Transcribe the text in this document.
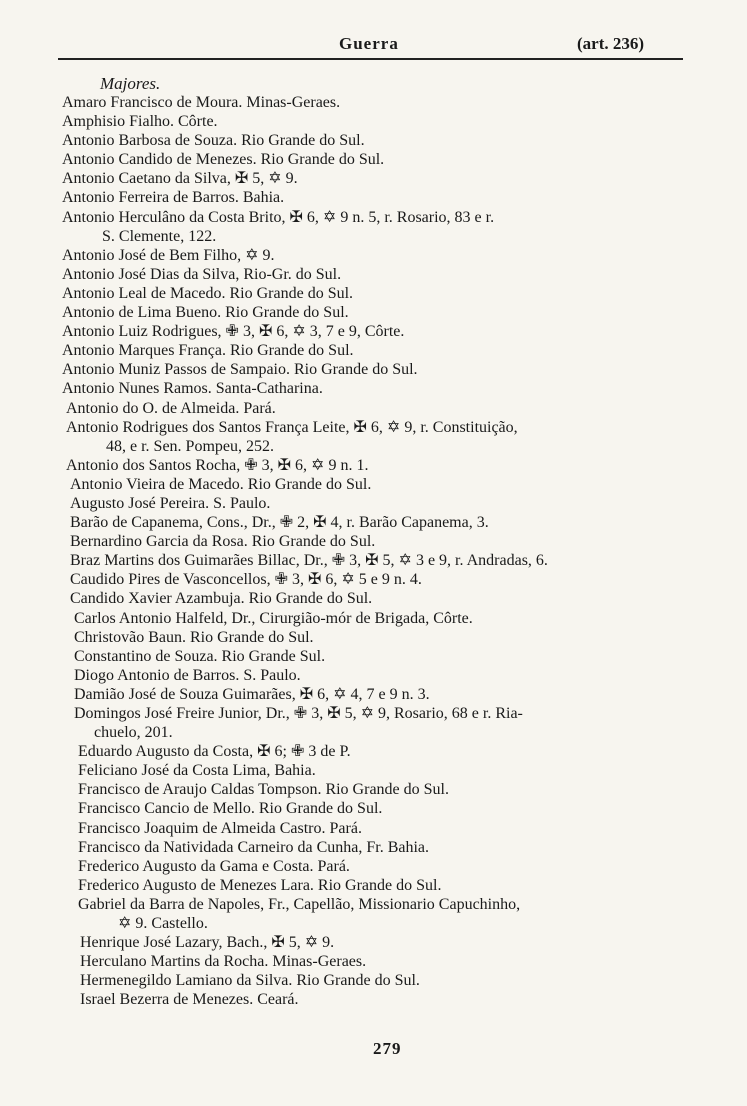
Guerra	(art. 236)
Majores.
Amaro Francisco de Moura. Minas-Geraes.
Amphisio Fialho. Côrte.
Antonio Barbosa de Souza. Rio Grande do Sul.
Antonio Candido de Menezes. Rio Grande do Sul.
Antonio Caetano da Silva, ✠ 5, ✡ 9.
Antonio Ferreira de Barros. Bahia.
Antonio Herculâno da Costa Brito, ✠ 6, ✡ 9 n. 5, r. Rosario, 83 e r.
S. Clemente, 122.
Antonio José de Bem Filho, ✡ 9.
Antonio José Dias da Silva, Rio-Gr. do Sul.
Antonio Leal de Macedo. Rio Grande do Sul.
Antonio de Lima Bueno. Rio Grande do Sul.
Antonio Luiz Rodrigues, ✙ 3, ✠ 6, ✡ 3, 7 e 9, Côrte.
Antonio Marques França. Rio Grande do Sul.
Antonio Muniz Passos de Sampaio. Rio Grande do Sul.
Antonio Nunes Ramos. Santa-Catharina.
Antonio do O. de Almeida. Pará.
Antonio Rodrigues dos Santos França Leite, ✠ 6, ✡ 9, r. Constituição,
48, e r. Sen. Pompeu, 252.
Antonio dos Santos Rocha, ✙ 3, ✠ 6, ✡ 9 n. 1.
Antonio Vieira de Macedo. Rio Grande do Sul.
Augusto José Pereira. S. Paulo.
Barão de Capanema, Cons., Dr., ✙ 2, ✠ 4, r. Barão Capanema, 3.
Bernardino Garcia da Rosa. Rio Grande do Sul.
Braz Martins dos Guimarães Billac, Dr., ✙ 3, ✠ 5, ✡ 3 e 9, r. Andradas, 6.
Caudido Pires de Vasconcellos, ✙ 3, ✠ 6, ✡ 5 e 9 n. 4.
Candido Xavier Azambuja. Rio Grande do Sul.
Carlos Antonio Halfeld, Dr., Cirurgião-mór de Brigada, Côrte.
Christovão Baun. Rio Grande do Sul.
Constantino de Souza. Rio Grande Sul.
Diogo Antonio de Barros. S. Paulo.
Damião José de Souza Guimarães, ✠ 6, ✡ 4, 7 e 9 n. 3.
Domingos José Freire Junior, Dr., ✙ 3, ✠ 5, ✡ 9, Rosario, 68 e r. Ria-
chuelo, 201.
Eduardo Augusto da Costa, ✠ 6; ✙ 3 de P.
Feliciano José da Costa Lima, Bahia.
Francisco de Araujo Caldas Tompson. Rio Grande do Sul.
Francisco Cancio de Mello. Rio Grande do Sul.
Francisco Joaquim de Almeida Castro. Pará.
Francisco da Natividada Carneiro da Cunha, Fr. Bahia.
Frederico Augusto da Gama e Costa. Pará.
Frederico Augusto de Menezes Lara. Rio Grande do Sul.
Gabriel da Barra de Napoles, Fr., Capellão, Missionario Capuchinho,
✡ 9. Castello.
Henrique José Lazary, Bach., ✠ 5, ✡ 9.
Herculano Martins da Rocha. Minas-Geraes.
Hermenegildo Lamiano da Silva. Rio Grande do Sul.
Israel Bezerra de Menezes. Ceará.
279
